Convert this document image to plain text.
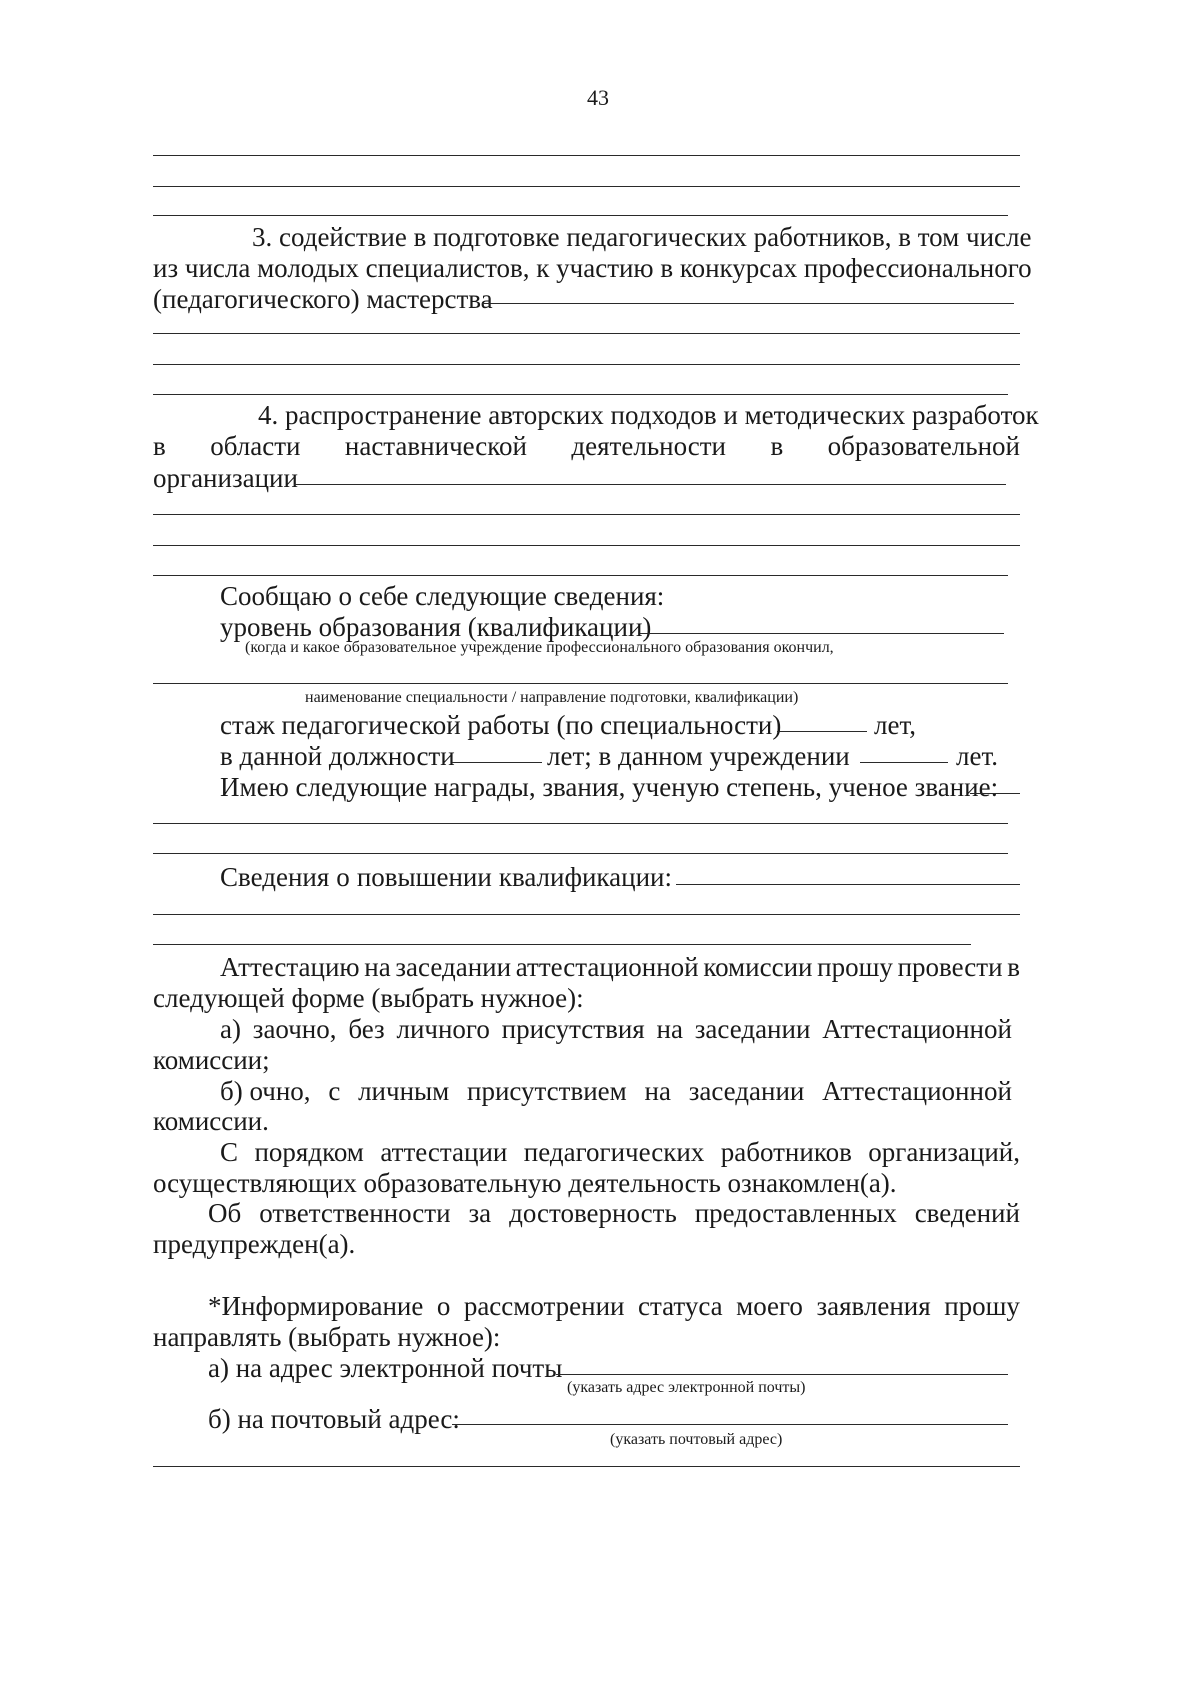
43
3. содействие в подготовке педагогических работников, в том числе
из числа молодых специалистов, к участию в конкурсах профессионального
(педагогического) мастерства
4. распространение авторских подходов и методических разработок
в области наставнической деятельности в образовательной
организации
Сообщаю о себе следующие сведения:
уровень образования (квалификации)
(когда и какое образовательное учреждение профессионального образования окончил,
наименование специальности / направление подготовки, квалификации)
стаж педагогической работы (по специальности)	лет,
в данной должности	лет; в данном учреждении	лет.
Имею следующие награды, звания, ученую степень, ученое звание:
Сведения о повышении квалификации:
Аттестацию на заседании аттестационной комиссии прошу провести в
следующей форме (выбрать нужное):
а) заочно, без личного присутствия на заседании Аттестационной
комиссии;
б) очно, с личным присутствием на заседании Аттестационной
комиссии.
С порядком аттестации педагогических работников организаций,
осуществляющих образовательную деятельность ознакомлен(а).
Об ответственности за достоверность предоставленных сведений
предупрежден(а).
*Информирование о рассмотрении статуса моего заявления прошу
направлять (выбрать нужное):
а) на адрес электронной почты
(указать адрес электронной почты)
б) на почтовый адрес:
(указать почтовый адрес)
